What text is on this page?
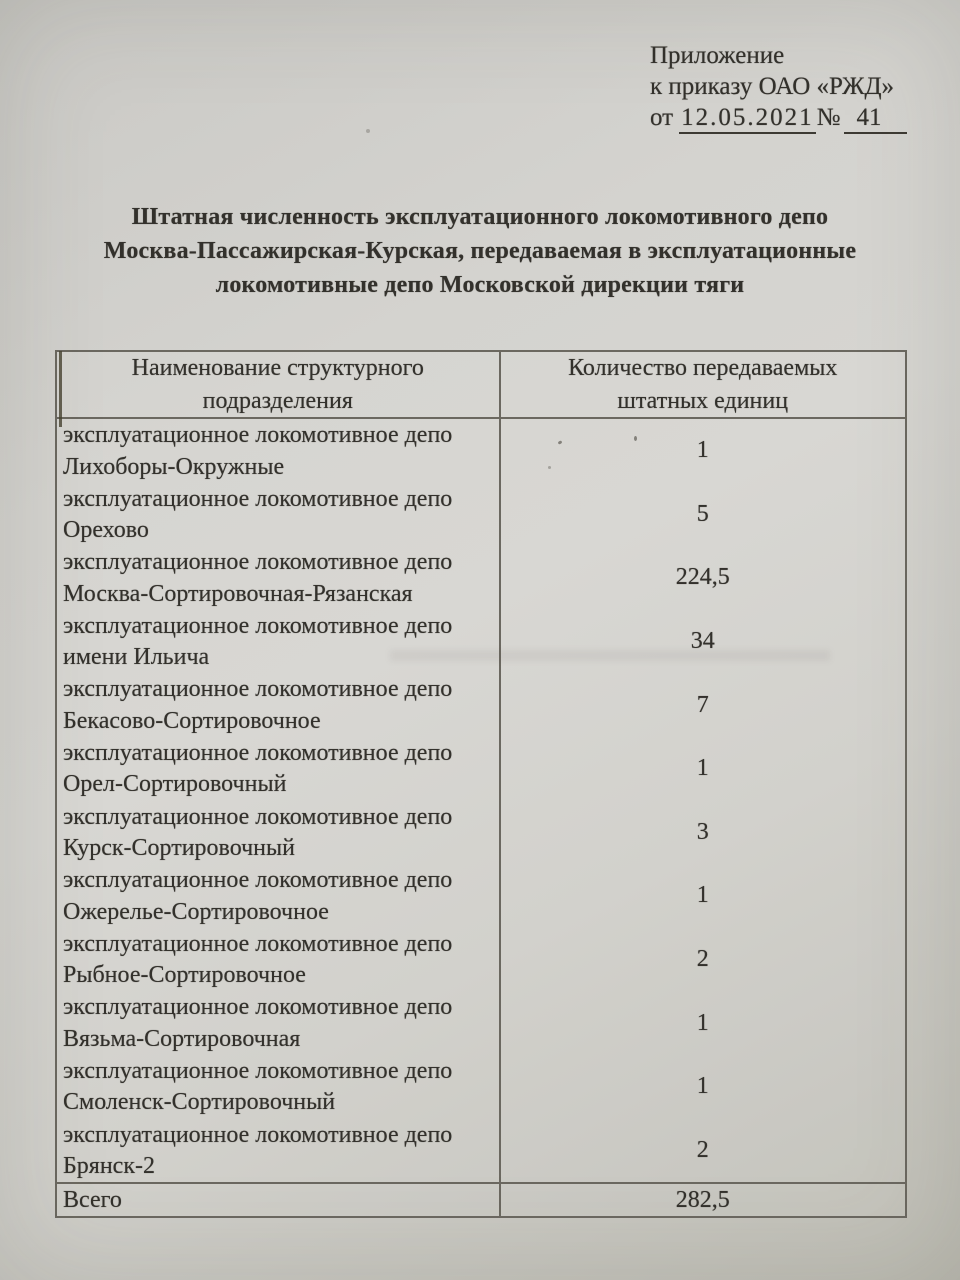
Приложение
к приказу ОАО «РЖД»
от 12.05.2021 № 41
Штатная численность эксплуатационного локомотивного депо
Москва-Пассажирская-Курская, передаваемая в эксплуатационные
локомотивные депо Московской дирекции тяги
Наименование структурного подразделения
Количество передаваемых штатных единиц
эксплуатационное локомотивное депо
Лихоборы-Окружные
1
эксплуатационное локомотивное депо
Орехово
5
эксплуатационное локомотивное депо
Москва-Сортировочная-Рязанская
224,5
эксплуатационное локомотивное депо
имени Ильича
34
эксплуатационное локомотивное депо
Бекасово-Сортировочное
7
эксплуатационное локомотивное депо
Орел-Сортировочный
1
эксплуатационное локомотивное депо
Курск-Сортировочный
3
эксплуатационное локомотивное депо
Ожерелье-Сортировочное
1
эксплуатационное локомотивное депо
Рыбное-Сортировочное
2
эксплуатационное локомотивное депо
Вязьма-Сортировочная
1
эксплуатационное локомотивное депо
Смоленск-Сортировочный
1
эксплуатационное локомотивное депо
Брянск-2
2
Всего	282,5
